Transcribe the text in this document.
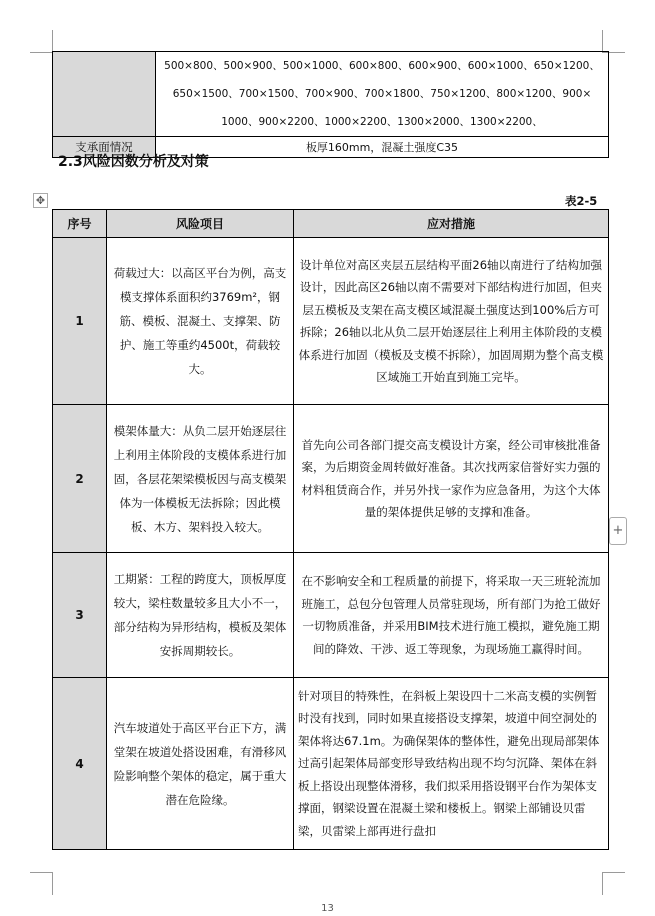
	500×800、500×900、500×1000、600×800、600×900、600×1000、650×1200、
650×1500、700×1500、700×900、700×1800、750×1200、800×1200、900×
1000、900×2200、1000×2200、1300×2000、1300×2200、

支承面情况	板厚160mm，混凝土强度C35
2.3风险因数分析及对策
✥	表2-5
序号	风险项目	应对措施
1	荷载过大：以高区平台为例，高支模支撑体系面积约3769m²，钢筋、模板、混凝土、支撑架、防护、施工等重约4500t，荷载较大。	设计单位对高区夹层五层结构平面26轴以南进行了结构加强设计，因此高区26轴以南不需要对下部结构进行加固，但夹层五模板及支架在高支模区域混凝土强度达到100%后方可拆除；26轴以北从负二层开始逐层往上利用主体阶段的支模体系进行加固（模板及支模不拆除），加固周期为整个高支模区域施工开始直到施工完毕。
2	模架体量大：从负二层开始逐层往上利用主体阶段的支模体系进行加固，各层花架梁模板因与高支模架体为一体模板无法拆除；因此模板、木方、架料投入较大。	首先向公司各部门提交高支模设计方案，经公司审核批准备案，为后期资金周转做好准备。其次找两家信誉好实力强的材料租赁商合作，并另外找一家作为应急备用，为这个大体量的架体提供足够的支撑和准备。
3	工期紧：工程的跨度大，顶板厚度较大，梁柱数量较多且大小不一，部分结构为异形结构，模板及架体安拆周期较长。	在不影响安全和工程质量的前提下，将采取一天三班轮流加班施工，总包分包管理人员常驻现场，所有部门为抢工做好一切物质准备，并采用BIM技术进行施工模拟，避免施工期间的降效、干涉、返工等现象，为现场施工赢得时间。
4	汽车坡道处于高区平台正下方，满堂架在坡道处搭设困难，有滑移风险影响整个架体的稳定，属于重大潜在危险缘。	针对项目的特殊性，在斜板上架设四十二米高支模的实例暂时没有找到，同时如果直接搭设支撑架，坡道中间空洞处的架体将达67.1m。为确保架体的整体性，避免出现局部架体过高引起架体局部变形导致结构出现不均匀沉降、架体在斜板上搭设出现整体滑移，我们拟采用搭设钢平台作为架体支撑面，钢梁设置在混凝土梁和楼板上。钢梁上部铺设贝雷梁，贝雷梁上部再进行盘扣
+
13
